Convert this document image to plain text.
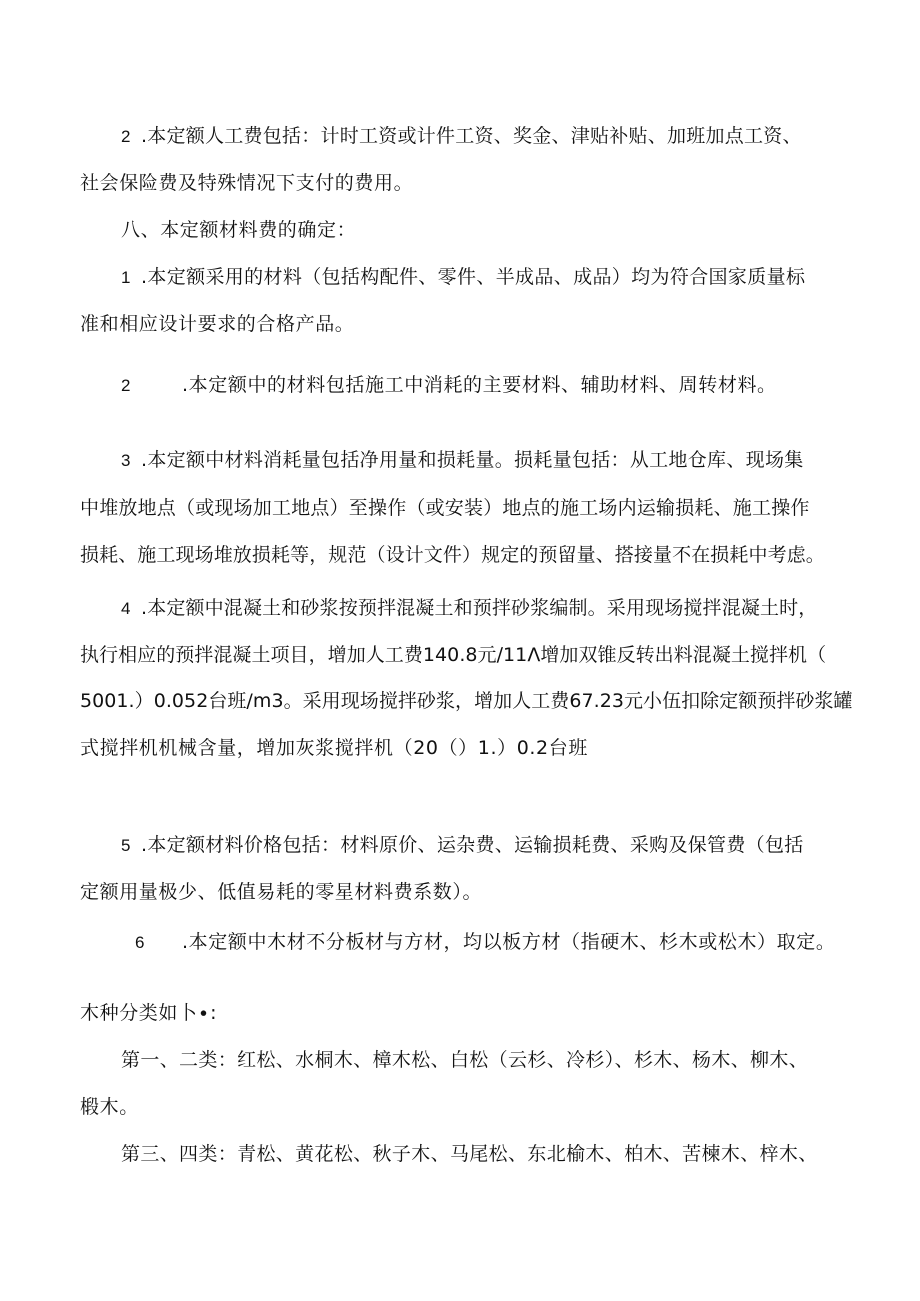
2 .本定额人工费包括：计时工资或计件工资、奖金、津贴补贴、加班加点工资、
社会保险费及特殊情况下支付的费用。
八、本定额材料费的确定：
1 .本定额采用的材料（包括构配件、零件、半成品、成品）均为符合国家质量标
准和相应设计要求的合格产品。
2	.本定额中的材料包括施工中消耗的主要材料、辅助材料、周转材料。
3 .本定额中材料消耗量包括净用量和损耗量。损耗量包括：从工地仓库、现场集
中堆放地点（或现场加工地点）至操作（或安装）地点的施工场内运输损耗、施工操作
损耗、施工现场堆放损耗等，规范（设计文件）规定的预留量、搭接量不在损耗中考虑。
4 .本定额中混凝土和砂浆按预拌混凝土和预拌砂浆编制。采用现场搅拌混凝土时，
执行相应的预拌混凝土项目，增加人工费140.8元∕11Λ增加双锥反转出料混凝土搅拌机（
5001.）0.052台班/m3。采用现场搅拌砂浆，增加人工费67.23元小伍扣除定额预拌砂浆罐
式搅拌机机械含量，增加灰浆搅拌机（20（）1.）0.2台班
5 .本定额材料价格包括：材料原价、运杂费、运输损耗费、采购及保管费（包括
定额用量极少、低值易耗的零星材料费系数）。
6 .本定额中木材不分板材与方材，均以板方材（指硬木、杉木或松木）取定。
木种分类如卜∙:
第一、二类：红松、水桐木、樟木松、白松（云杉、冷杉）、杉木、杨木、柳木、
椴木。
第三、四类：青松、黄花松、秋子木、马尾松、东北榆木、柏木、苦楝木、梓木、
